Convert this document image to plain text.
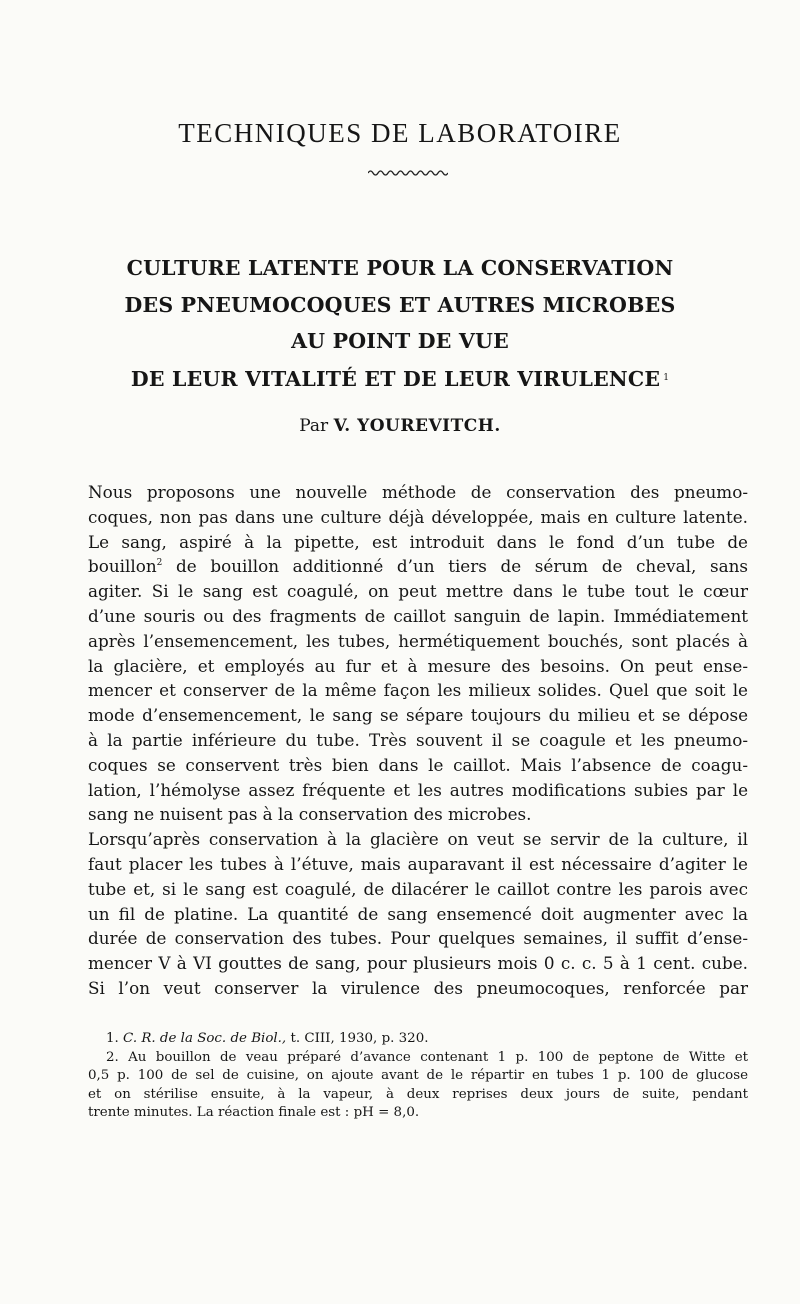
TECHNIQUES DE LABORATOIRE
CULTURE LATENTE POUR LA CONSERVATION
DES PNEUMOCOQUES ET AUTRES MICROBES
AU POINT DE VUE
DE LEUR VITALITÉ ET DE LEUR VIRULENCE $^1$
Par V. YOUREVITCH.
Nous proposons une nouvelle méthode de conservation des pneumo-
coques, non pas dans une culture déjà développée, mais en culture latente.
Le sang, aspiré à la pipette, est introduit dans le fond d’un tube de
bouillon$^2$ de bouillon additionné d’un tiers de sérum de cheval, sans
agiter. Si le sang est coagulé, on peut mettre dans le tube tout le cœur
d’une souris ou des fragments de caillot sanguin de lapin. Immédiatement
après l’ensemencement, les tubes, hermétiquement bouchés, sont placés à
la glacière, et employés au fur et à mesure des besoins. On peut ense-
mencer et conserver de la même façon les milieux solides. Quel que soit le
mode d’ensemencement, le sang se sépare toujours du milieu et se dépose
à la partie inférieure du tube. Très souvent il se coagule et les pneumo-
coques se conservent très bien dans le caillot. Mais l’absence de coagu-
lation, l’hémolyse assez fréquente et les autres modifications subies par le
sang ne nuisent pas à la conservation des microbes.
Lorsqu’après conservation à la glacière on veut se servir de la culture, il
faut placer les tubes à l’étuve, mais auparavant il est nécessaire d’agiter le
tube et, si le sang est coagulé, de dilacérer le caillot contre les parois avec
un fil de platine. La quantité de sang ensemencé doit augmenter avec la
durée de conservation des tubes. Pour quelques semaines, il suffit d’ense-
mencer V à VI gouttes de sang, pour plusieurs mois 0 c. c. 5 à 1 cent. cube.
Si l’on veut conserver la virulence des pneumocoques, renforcée par
1. C. R. de la Soc. de Biol., t. CIII, 1930, p. 320.
2. Au bouillon de veau préparé d’avance contenant 1 p. 100 de peptone de Witte et
0,5 p. 100 de sel de cuisine, on ajoute avant de le répartir en tubes 1 p. 100 de glucose
et on stérilise ensuite, à la vapeur, à deux reprises deux jours de suite, pendant
trente minutes. La réaction finale est : pH = 8,0.
